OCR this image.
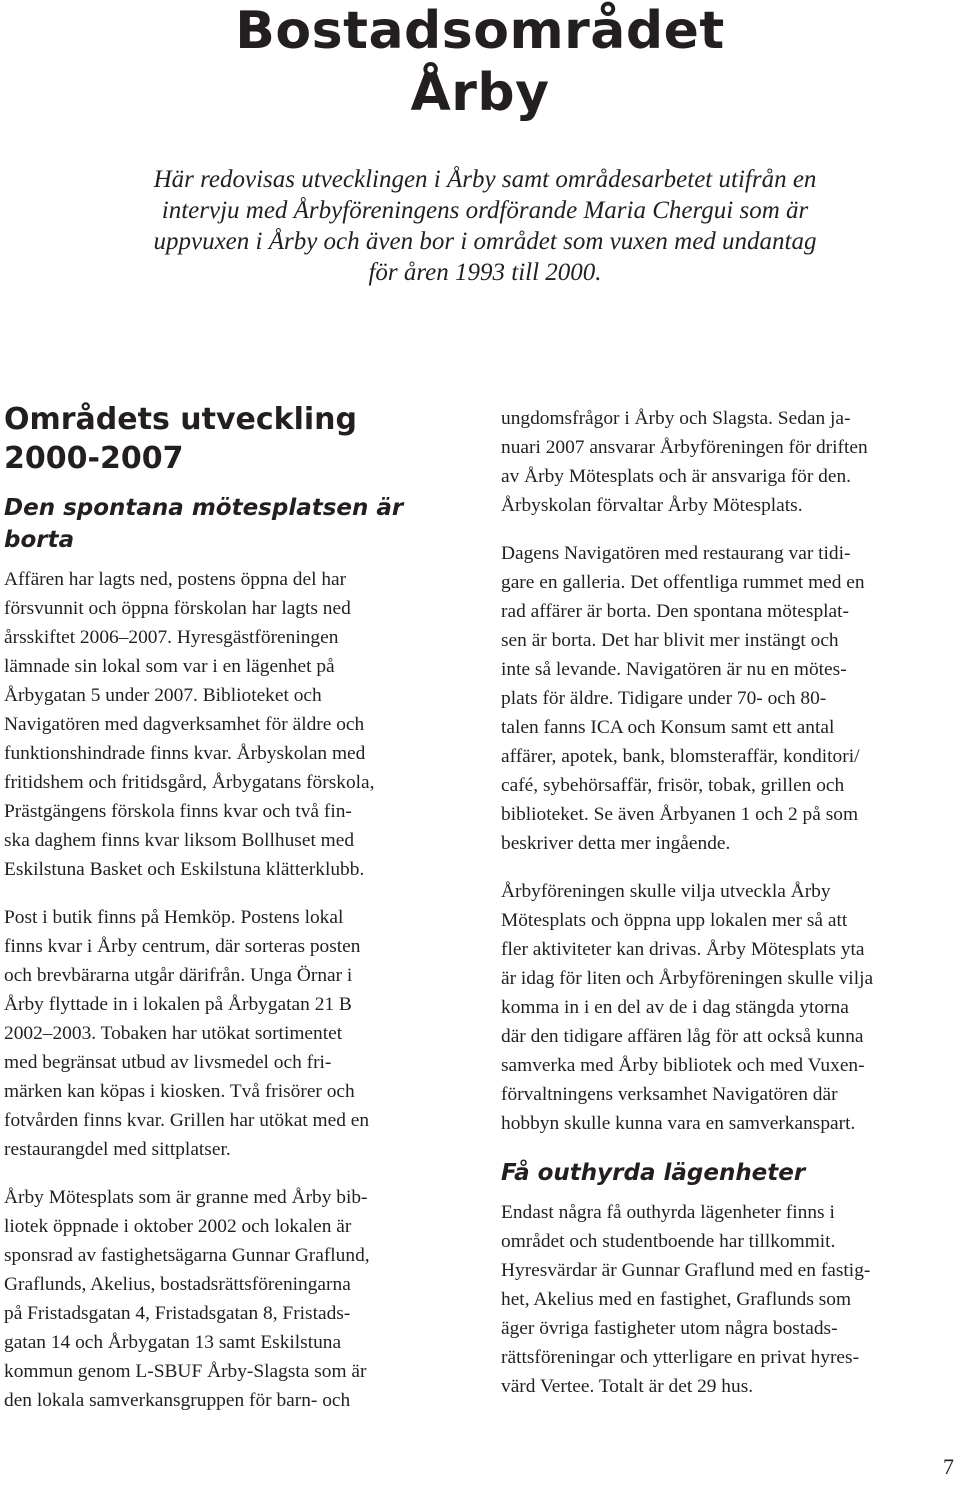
Bostadsområdet
Årby

Här redovisas utvecklingen i Årby samt områdesarbetet utifrån en intervju med Årbyföreningens ordförande Maria Chergui som är uppvuxen i Årby och även bor i området som vuxen med undantag för åren 1993 till 2000.

Områdets utveckling
2000-2007
Den spontana mötesplatsen är
borta

Affären har lagts ned, postens öppna del har
försvunnit och öppna förskolan har lagts ned
årsskiftet 2006–2007. Hyresgästföreningen
lämnade sin lokal som var i en lägenhet på
Årbygatan 5 under 2007. Biblioteket och
Navigatören med dagverksamhet för äldre och
funktionshindrade finns kvar. Årbyskolan med
fritidshem och fritidsgård, Årbygatans förskola,
Prästgängens förskola finns kvar och två fin-
ska daghem finns kvar liksom Bollhuset med
Eskilstuna Basket och Eskilstuna klätterklubb.

Post i butik finns på Hemköp. Postens lokal
finns kvar i Årby centrum, där sorteras posten
och brevbärarna utgår därifrån. Unga Örnar i
Årby flyttade in i lokalen på Årbygatan 21 B
2002–2003. Tobaken har utökat sortimentet
med begränsat utbud av livsmedel och fri-
märken kan köpas i kiosken. Två frisörer och
fotvården finns kvar. Grillen har utökat med en
restaurangdel med sittplatser.

Årby Mötesplats som är granne med Årby bib-
liotek öppnade i oktober 2002 och lokalen är
sponsrad av fastighetsägarna Gunnar Graflund,
Graflunds, Akelius, bostadsrättsföreningarna
på Fristadsgatan 4, Fristadsgatan 8, Fristads-
gatan 14 och Årbygatan 13 samt Eskilstuna
kommun genom L-SBUF Årby-Slagsta som är
den lokala samverkansgruppen för barn- och

ungdomsfrågor i Årby och Slagsta. Sedan ja-
nuari 2007 ansvarar Årbyföreningen för driften
av Årby Mötesplats och är ansvariga för den.
Årbyskolan förvaltar Årby Mötesplats.

Dagens Navigatören med restaurang var tidi-
gare en galleria. Det offentliga rummet med en
rad affärer är borta. Den spontana mötesplat-
sen är borta. Det har blivit mer instängt och
inte så levande. Navigatören är nu en mötes-
plats för äldre. Tidigare under 70- och 80-
talen fanns ICA och Konsum samt ett antal
affärer, apotek, bank, blomsteraffär, konditori/
café, sybehörsaffär, frisör, tobak, grillen och
biblioteket. Se även Årbyanen 1 och 2 på som
beskriver detta mer ingående.

Årbyföreningen skulle vilja utveckla Årby
Mötesplats och öppna upp lokalen mer så att
fler aktiviteter kan drivas. Årby Mötesplats yta
är idag för liten och Årbyföreningen skulle vilja
komma in i en del av de i dag stängda ytorna
där den tidigare affären låg för att också kunna
samverka med Årby bibliotek och med Vuxen-
förvaltningens verksamhet Navigatören där
hobbyn skulle kunna vara en samverkanspart.

Få outhyrda lägenheter

Endast några få outhyrda lägenheter finns i
området och studentboende har tillkommit.
Hyresvärdar är Gunnar Graflund med en fastig-
het, Akelius med en fastighet, Graflunds som
äger övriga fastigheter utom några bostads-
rättsföreningar och ytterligare en privat hyres-
värd Vertee. Totalt är det 29 hus.

7
